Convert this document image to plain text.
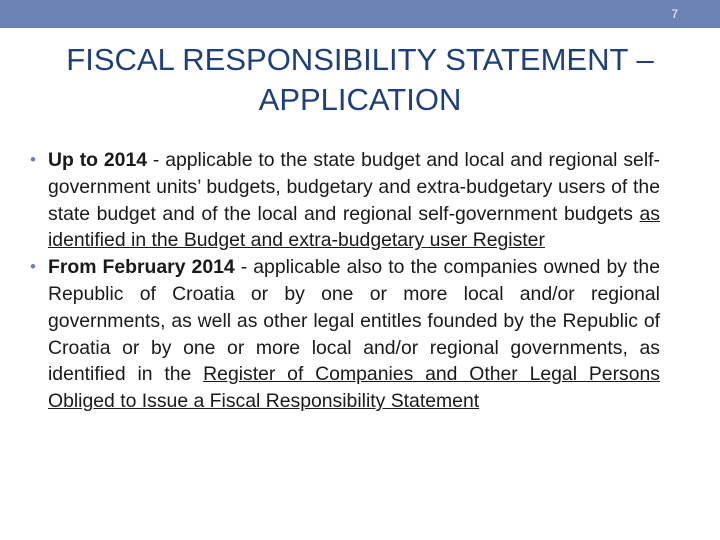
7
FISCAL RESPONSIBILITY STATEMENT –
APPLICATION

• Up to 2014 - applicable to the state budget and local and regional self-government units’ budgets, budgetary and extra-budgetary users of the state budget and of the local and regional self-government budgets as identified in the Budget and extra-budgetary user Register

• From February 2014 - applicable also to the companies owned by the Republic of Croatia or by one or more local and/or regional governments, as well as other legal entitles founded by the Republic of Croatia or by one or more local and/or regional governments, as identified in the Register of Companies and Other Legal Persons Obliged to Issue a Fiscal Responsibility Statement
